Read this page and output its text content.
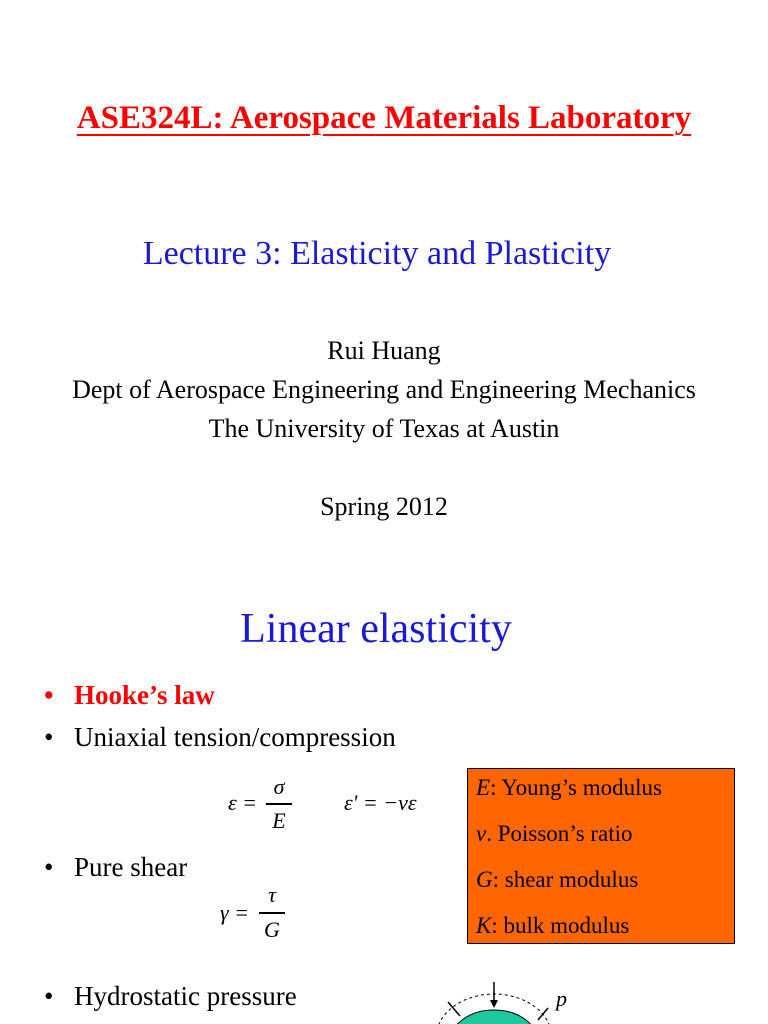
ASE324L: Aerospace Materials Laboratory
Lecture 3: Elasticity and Plasticity
Rui Huang
Dept of Aerospace Engineering and Engineering Mechanics
The University of Texas at Austin
Spring 2012
Linear elasticity
• Hooke’s law
• Uniaxial tension/compression
• Pure shear
• Hydrostatic pressure
ε =
σ
E
ε' = −νε
γ =
τ
G
E: Young’s modulus
ν. Poisson’s ratio
G: shear modulus
K: bulk modulus
p
